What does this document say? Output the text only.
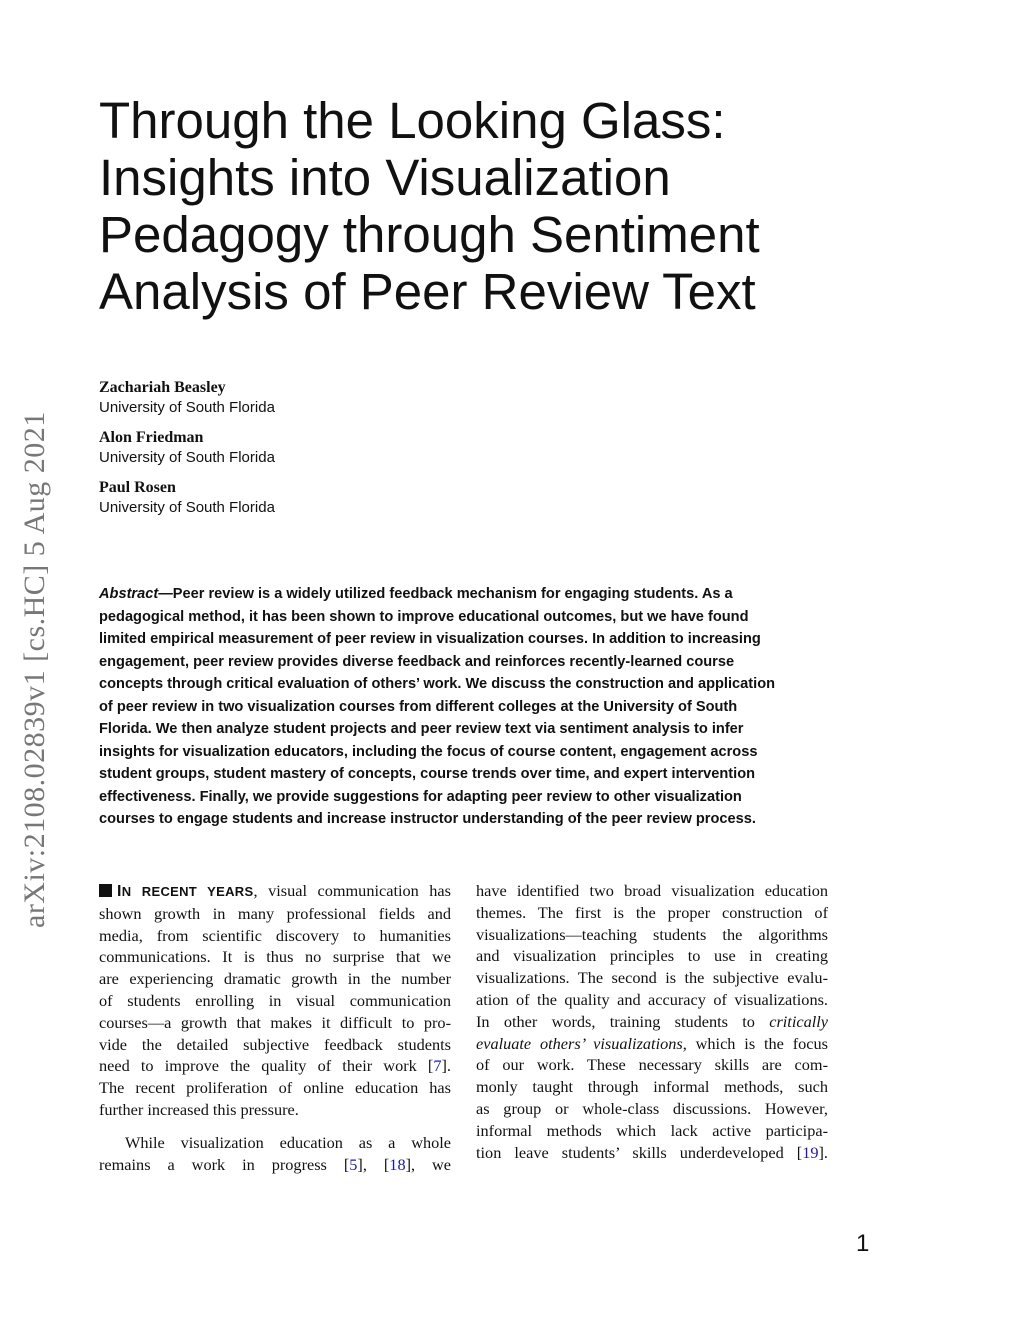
arXiv:2108.02839v1 [cs.HC] 5 Aug 2021
Through the Looking Glass:
Insights into Visualization
Pedagogy through Sentiment
Analysis of Peer Review Text
Zachariah Beasley
University of South Florida
Alon Friedman
University of South Florida
Paul Rosen
University of South Florida

Abstract—Peer review is a widely utilized feedback mechanism for engaging students. As a
pedagogical method, it has been shown to improve educational outcomes, but we have found
limited empirical measurement of peer review in visualization courses. In addition to increasing
engagement, peer review provides diverse feedback and reinforces recently-learned course
concepts through critical evaluation of others’ work. We discuss the construction and application
of peer review in two visualization courses from different colleges at the University of South
Florida. We then analyze student projects and peer review text via sentiment analysis to infer
insights for visualization educators, including the focus of course content, engagement across
student groups, student mastery of concepts, course trends over time, and expert intervention
effectiveness. Finally, we provide suggestions for adapting peer review to other visualization
courses to engage students and increase instructor understanding of the peer review process.

IN RECENT YEARS, visual communication has
shown growth in many professional fields and
media, from scientific discovery to humanities
communications. It is thus no surprise that we
are experiencing dramatic growth in the number
of students enrolling in visual communication
courses—a growth that makes it difficult to pro-
vide the detailed subjective feedback students
need to improve the quality of their work [7].
The recent proliferation of online education has
further increased this pressure.

While visualization education as a whole
remains a work in progress [5], [18], we

have identified two broad visualization education
themes. The first is the proper construction of
visualizations—teaching students the algorithms
and visualization principles to use in creating
visualizations. The second is the subjective evalu-
ation of the quality and accuracy of visualizations.
In other words, training students to critically
evaluate others’ visualizations, which is the focus
of our work. These necessary skills are com-
monly taught through informal methods, such
as group or whole-class discussions. However,
informal methods which lack active participa-
tion leave students’ skills underdeveloped [19].

1
